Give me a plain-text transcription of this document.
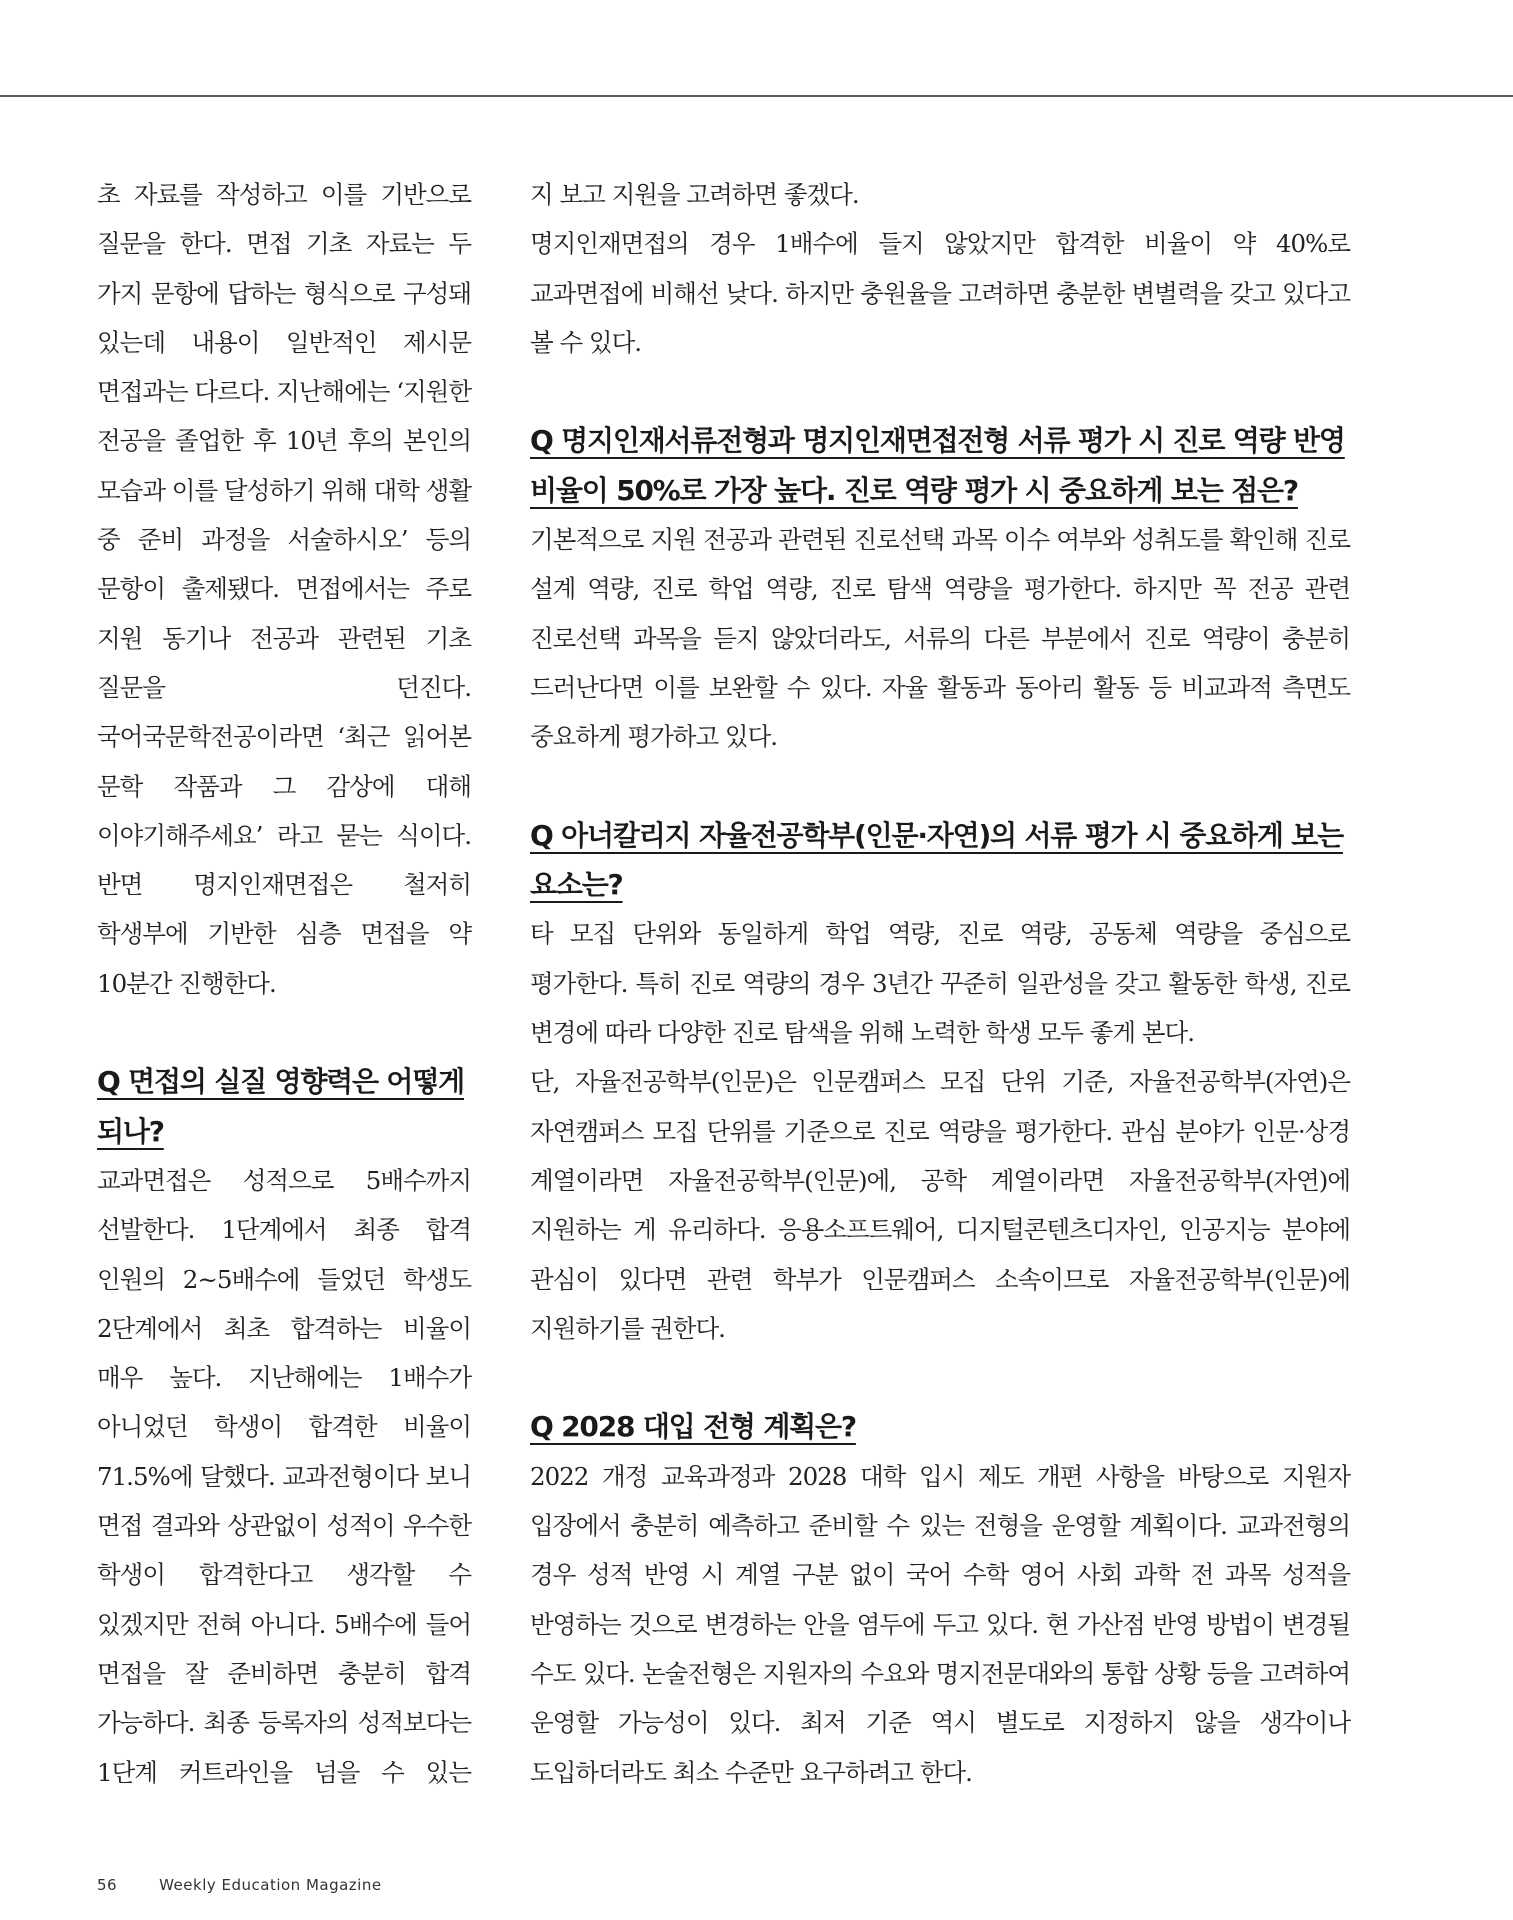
초 자료를 작성하고 이를 기반으로 질문을 한다. 면접 기초 자료는 두 가지 문항에 답하는 형식으로 구성돼 있는데 내용이 일반적인 제시문 면접과는 다르다. 지난해에는 ‘지원한 전공을 졸업한 후 10년 후의 본인의 모습과 이를 달성하기 위해 대학 생활 중 준비 과정을 서술하시오’ 등의 문항이 출제됐다. 면접에서는 주로 지원 동기나 전공과 관련된 기초 질문을 던진다. 국어국문학전공이라면 ‘최근 읽어본 문학 작품과 그 감상에 대해 이야기해주세요’ 라고 묻는 식이다. 반면 명지인재면접은 철저히 학생부에 기반한 심층 면접을 약 10분간 진행한다.

Q 면접의 실질 영향력은 어떻게 되나?

교과면접은 성적으로 5배수까지 선발한다. 1단계에서 최종 합격 인원의 2~5배수에 들었던 학생도 2단계에서 최초 합격하는 비율이 매우 높다. 지난해에는 1배수가 아니었던 학생이 합격한 비율이 71.5%에 달했다. 교과전형이다 보니 면접 결과와 상관없이 성적이 우수한 학생이 합격한다고 생각할 수 있겠지만 전혀 아니다. 5배수에 들어 면접을 잘 준비하면 충분히 합격 가능하다. 최종 등록자의 성적보다는 1단계 커트라인을 넘을 수 있는

지 보고 지원을 고려하면 좋겠다.

명지인재면접의 경우 1배수에 들지 않았지만 합격한 비율이 약 40%로 교과면접에 비해선 낮다. 하지만 충원율을 고려하면 충분한 변별력을 갖고 있다고 볼 수 있다.

Q 명지인재서류전형과 명지인재면접전형 서류 평가 시 진로 역량 반영 비율이 50%로 가장 높다. 진로 역량 평가 시 중요하게 보는 점은?

기본적으로 지원 전공과 관련된 진로선택 과목 이수 여부와 성취도를 확인해 진로 설계 역량, 진로 학업 역량, 진로 탐색 역량을 평가한다. 하지만 꼭 전공 관련 진로선택 과목을 듣지 않았더라도, 서류의 다른 부분에서 진로 역량이 충분히 드러난다면 이를 보완할 수 있다. 자율 활동과 동아리 활동 등 비교과적 측면도 중요하게 평가하고 있다.

Q 아너칼리지 자율전공학부(인문·자연)의 서류 평가 시 중요하게 보는 요소는?

타 모집 단위와 동일하게 학업 역량, 진로 역량, 공동체 역량을 중심으로 평가한다. 특히 진로 역량의 경우 3년간 꾸준히 일관성을 갖고 활동한 학생, 진로 변경에 따라 다양한 진로 탐색을 위해 노력한 학생 모두 좋게 본다.

단, 자율전공학부(인문)은 인문캠퍼스 모집 단위 기준, 자율전공학부(자연)은 자연캠퍼스 모집 단위를 기준으로 진로 역량을 평가한다. 관심 분야가 인문·상경 계열이라면 자율전공학부(인문)에, 공학 계열이라면 자율전공학부(자연)에 지원하는 게 유리하다. 응용소프트웨어, 디지털콘텐츠디자인, 인공지능 분야에 관심이 있다면 관련 학부가 인문캠퍼스 소속이므로 자율전공학부(인문)에 지원하기를 권한다.

Q 2028 대입 전형 계획은?

2022 개정 교육과정과 2028 대학 입시 제도 개편 사항을 바탕으로 지원자 입장에서 충분히 예측하고 준비할 수 있는 전형을 운영할 계획이다. 교과전형의 경우 성적 반영 시 계열 구분 없이 국어 수학 영어 사회 과학 전 과목 성적을 반영하는 것으로 변경하는 안을 염두에 두고 있다. 현 가산점 반영 방법이 변경될 수도 있다. 논술전형은 지원자의 수요와 명지전문대와의 통합 상황 등을 고려하여 운영할 가능성이 있다. 최저 기준 역시 별도로 지정하지 않을 생각이나 도입하더라도 최소 수준만 요구하려고 한다.

56	Weekly Education Magazine
